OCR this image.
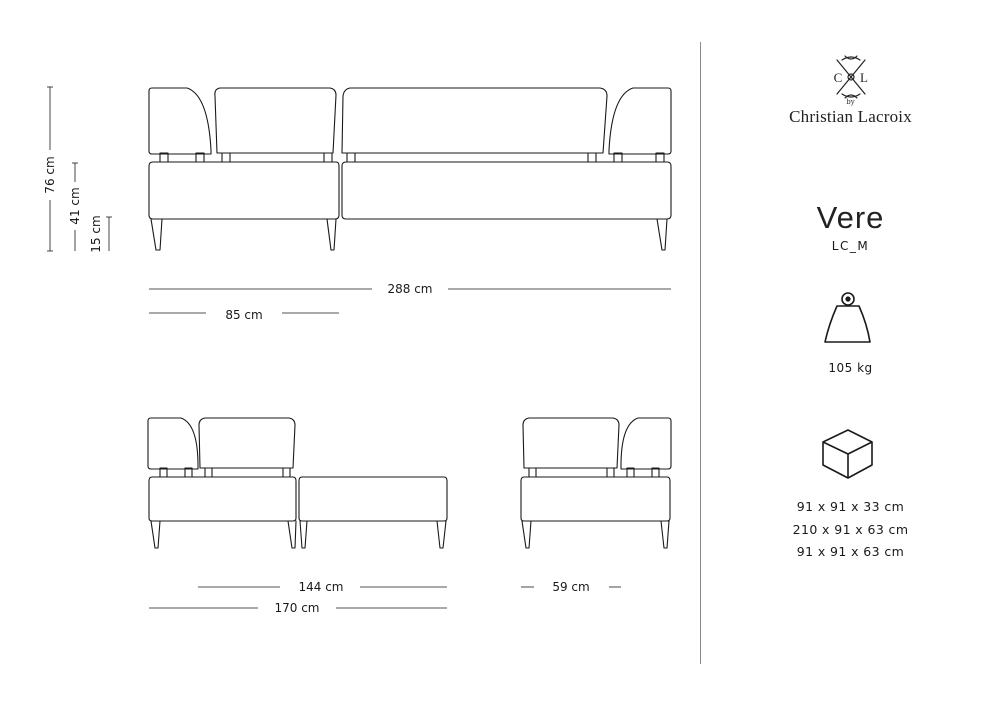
76 cm
41 cm
15 cm
288 cm
85 cm
144 cm
170 cm
59 cm
C L
by
Christian Lacroix
Vere
LC_M
105 kg
91 x 91 x 33 cm
210 x 91 x 63 cm
91 x 91 x 63 cm
